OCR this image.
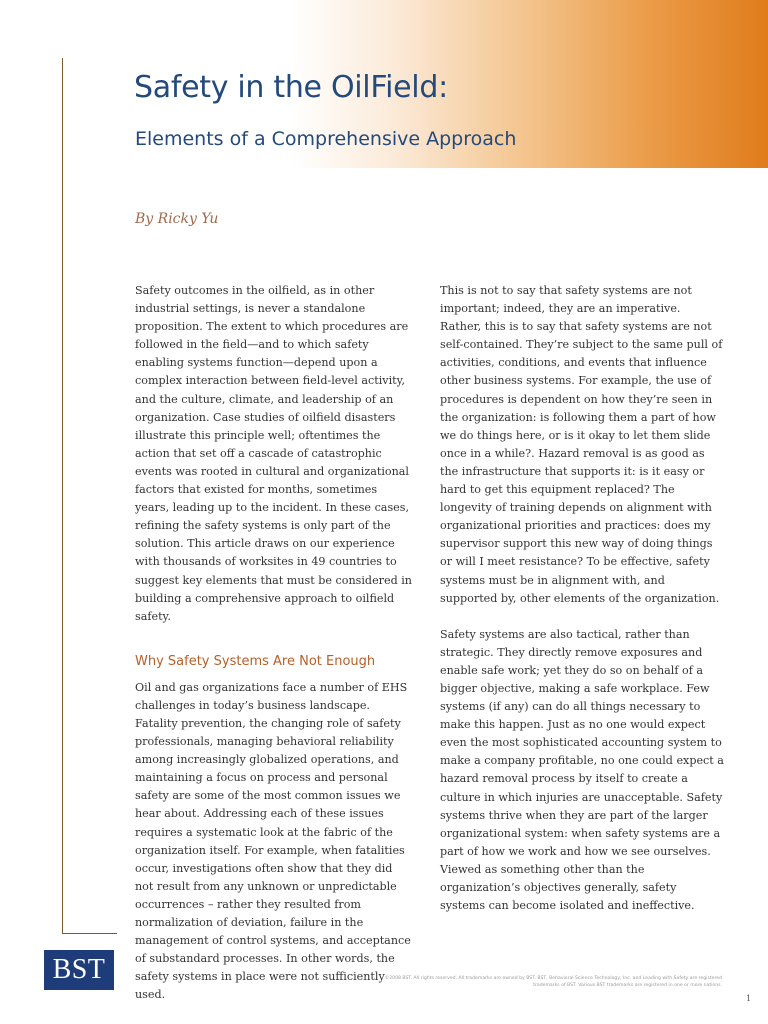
Safety in the OilField:
Elements of a Comprehensive Approach
By Ricky Yu

Safety outcomes in the oilfield, as in other industrial settings, is never a standalone proposition. The extent to which procedures are followed in the field—and to which safety enabling systems function—depend upon a complex interaction between field-level activity, and the culture, climate, and leadership of an organization. Case studies of oilfield disasters illustrate this principle well; oftentimes the action that set off a cascade of catastrophic events was rooted in cultural and organizational factors that existed for months, sometimes years, leading up to the incident. In these cases, refining the safety systems is only part of the solution. This article draws on our experience with thousands of worksites in 49 countries to suggest key elements that must be considered in building a comprehensive approach to oilfield safety.

Why Safety Systems Are Not Enough

Oil and gas organizations face a number of EHS challenges in today’s business landscape. Fatality prevention, the changing role of safety professionals, managing behavioral reliability among increasingly globalized operations, and maintaining a focus on process and personal safety are some of the most common issues we hear about. Addressing each of these issues requires a systematic look at the fabric of the organization itself. For example, when fatalities occur, investigations often show that they did not result from any unknown or unpredictable occurrences – rather they resulted from normalization of deviation, failure in the management of control systems, and acceptance of substandard processes. In other words, the safety systems in place were not sufficiently used.

This is not to say that safety systems are not important; indeed, they are an imperative. Rather, this is to say that safety systems are not self-contained. They’re subject to the same pull of activities, conditions, and events that influence other business systems. For example, the use of procedures is dependent on how they’re seen in the organization: is following them a part of how we do things here, or is it okay to let them slide once in a while?. Hazard removal is as good as the infrastructure that supports it: is it easy or hard to get this equipment replaced? The longevity of training depends on alignment with organizational priorities and practices: does my supervisor support this new way of doing things or will I meet resistance? To be effective, safety systems must be in alignment with, and supported by, other elements of the organization.

Safety systems are also tactical, rather than strategic. They directly remove exposures and enable safe work; yet they do so on behalf of a bigger objective, making a safe workplace. Few systems (if any) can do all things necessary to make this happen. Just as no one would expect even the most sophisticated accounting system to make a company profitable, no one could expect a hazard removal process by itself to create a culture in which injuries are unacceptable. Safety systems thrive when they are part of the larger organizational system: when safety systems are a part of how we work and how we see ourselves. Viewed as something other than the organization’s objectives generally, safety systems can become isolated and ineffective.

BST	©2008 BST. All rights reserved. All trademarks are owned by BST. BST, Behavioral Science Technology, Inc. and Leading with Safety are registered trademarks of BST. Various BST trademarks are registered in one or more nations.
1
